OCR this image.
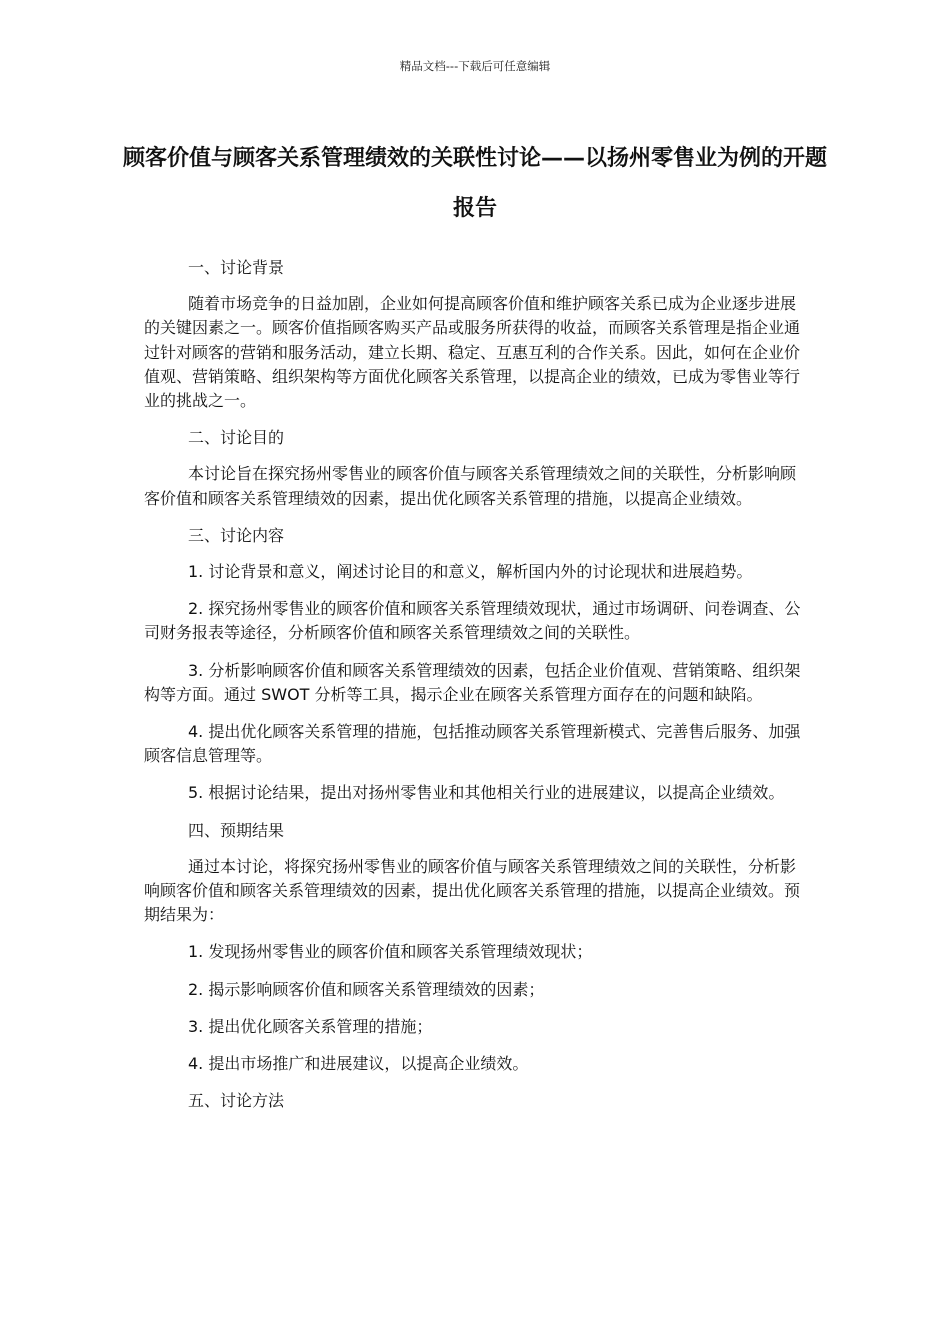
精品文档---下载后可任意编辑
顾客价值与顾客关系管理绩效的关联性讨论——以扬州零售业为例的开题报告

一、讨论背景

随着市场竞争的日益加剧，企业如何提高顾客价值和维护顾客关系已成为企业逐步进展的关键因素之一。顾客价值指顾客购买产品或服务所获得的收益，而顾客关系管理是指企业通过针对顾客的营销和服务活动，建立长期、稳定、互惠互利的合作关系。因此，如何在企业价值观、营销策略、组织架构等方面优化顾客关系管理，以提高企业的绩效，已成为零售业等行业的挑战之一。

二、讨论目的

本讨论旨在探究扬州零售业的顾客价值与顾客关系管理绩效之间的关联性，分析影响顾客价值和顾客关系管理绩效的因素，提出优化顾客关系管理的措施，以提高企业绩效。

三、讨论内容

1. 讨论背景和意义，阐述讨论目的和意义，解析国内外的讨论现状和进展趋势。

2. 探究扬州零售业的顾客价值和顾客关系管理绩效现状，通过市场调研、问卷调查、公司财务报表等途径，分析顾客价值和顾客关系管理绩效之间的关联性。

3. 分析影响顾客价值和顾客关系管理绩效的因素，包括企业价值观、营销策略、组织架构等方面。通过 SWOT 分析等工具，揭示企业在顾客关系管理方面存在的问题和缺陷。

4. 提出优化顾客关系管理的措施，包括推动顾客关系管理新模式、完善售后服务、加强顾客信息管理等。

5. 根据讨论结果，提出对扬州零售业和其他相关行业的进展建议，以提高企业绩效。

四、预期结果

通过本讨论，将探究扬州零售业的顾客价值与顾客关系管理绩效之间的关联性，分析影响顾客价值和顾客关系管理绩效的因素，提出优化顾客关系管理的措施，以提高企业绩效。预期结果为：

1. 发现扬州零售业的顾客价值和顾客关系管理绩效现状；

2. 揭示影响顾客价值和顾客关系管理绩效的因素；

3. 提出优化顾客关系管理的措施；

4. 提出市场推广和进展建议，以提高企业绩效。

五、讨论方法
